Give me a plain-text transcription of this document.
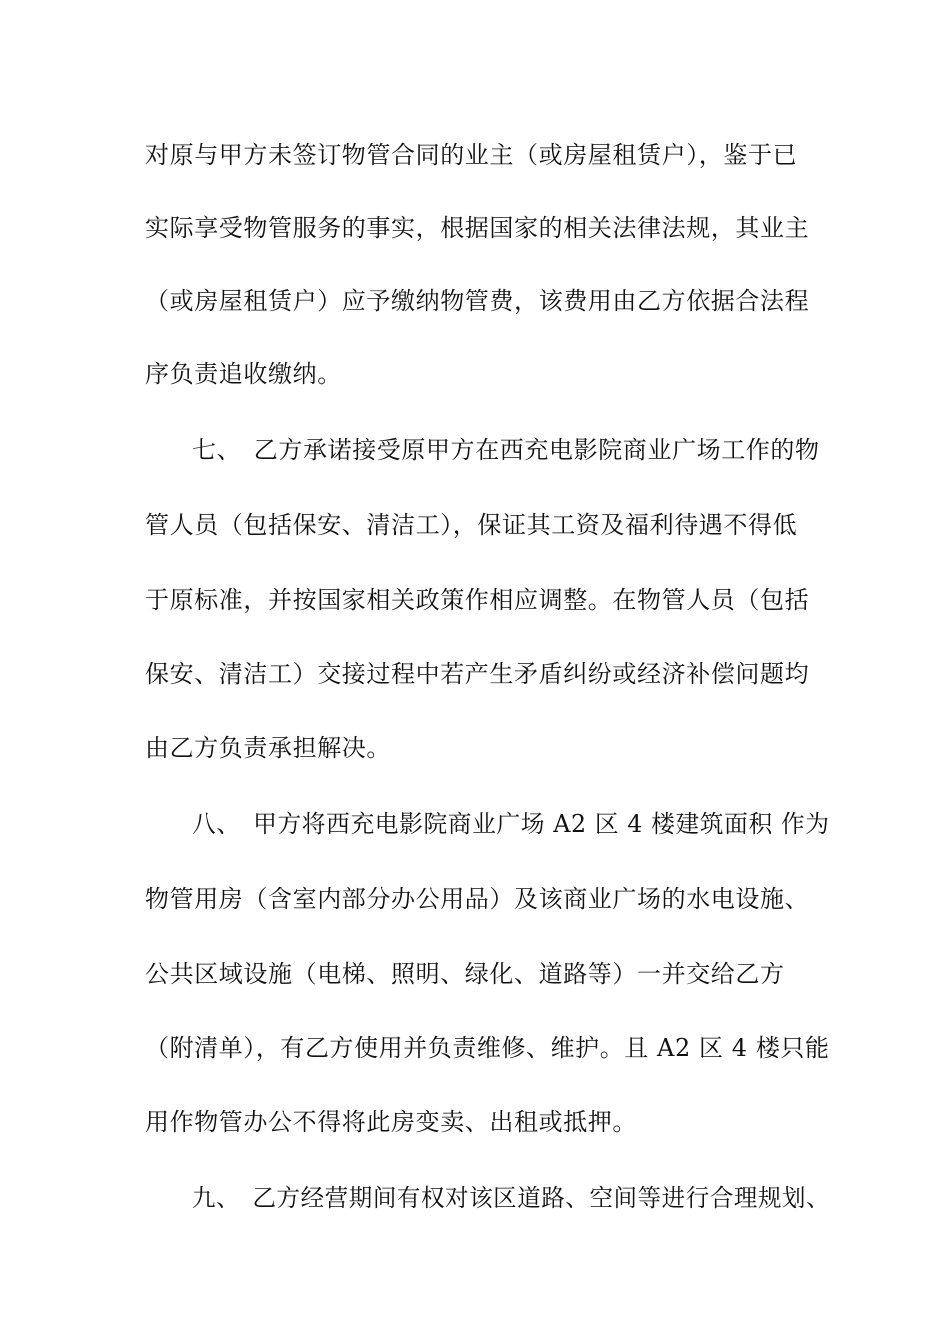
对原与甲方未签订物管合同的业主（或房屋租赁户），鉴于已
实际享受物管服务的事实，根据国家的相关法律法规，其业主
（或房屋租赁户）应予缴纳物管费，该费用由乙方依据合法程
序负责追收缴纳。
七、　乙方承诺接受原甲方在西充电影院商业广场工作的物
管人员（包括保安、清洁工），保证其工资及福利待遇不得低
于原标准，并按国家相关政策作相应调整。在物管人员（包括
保安、清洁工）交接过程中若产生矛盾纠纷或经济补偿问题均
由乙方负责承担解决。
八、　甲方将西充电影院商业广场 A2 区 4 楼建筑面积 作为
物管用房（含室内部分办公用品）及该商业广场的水电设施、
公共区域设施（电梯、照明、绿化、道路等）一并交给乙方
（附清单），有乙方使用并负责维修、维护。且 A2 区 4 楼只能
用作物管办公不得将此房变卖、出租或抵押。
九、　乙方经营期间有权对该区道路、空间等进行合理规划、
